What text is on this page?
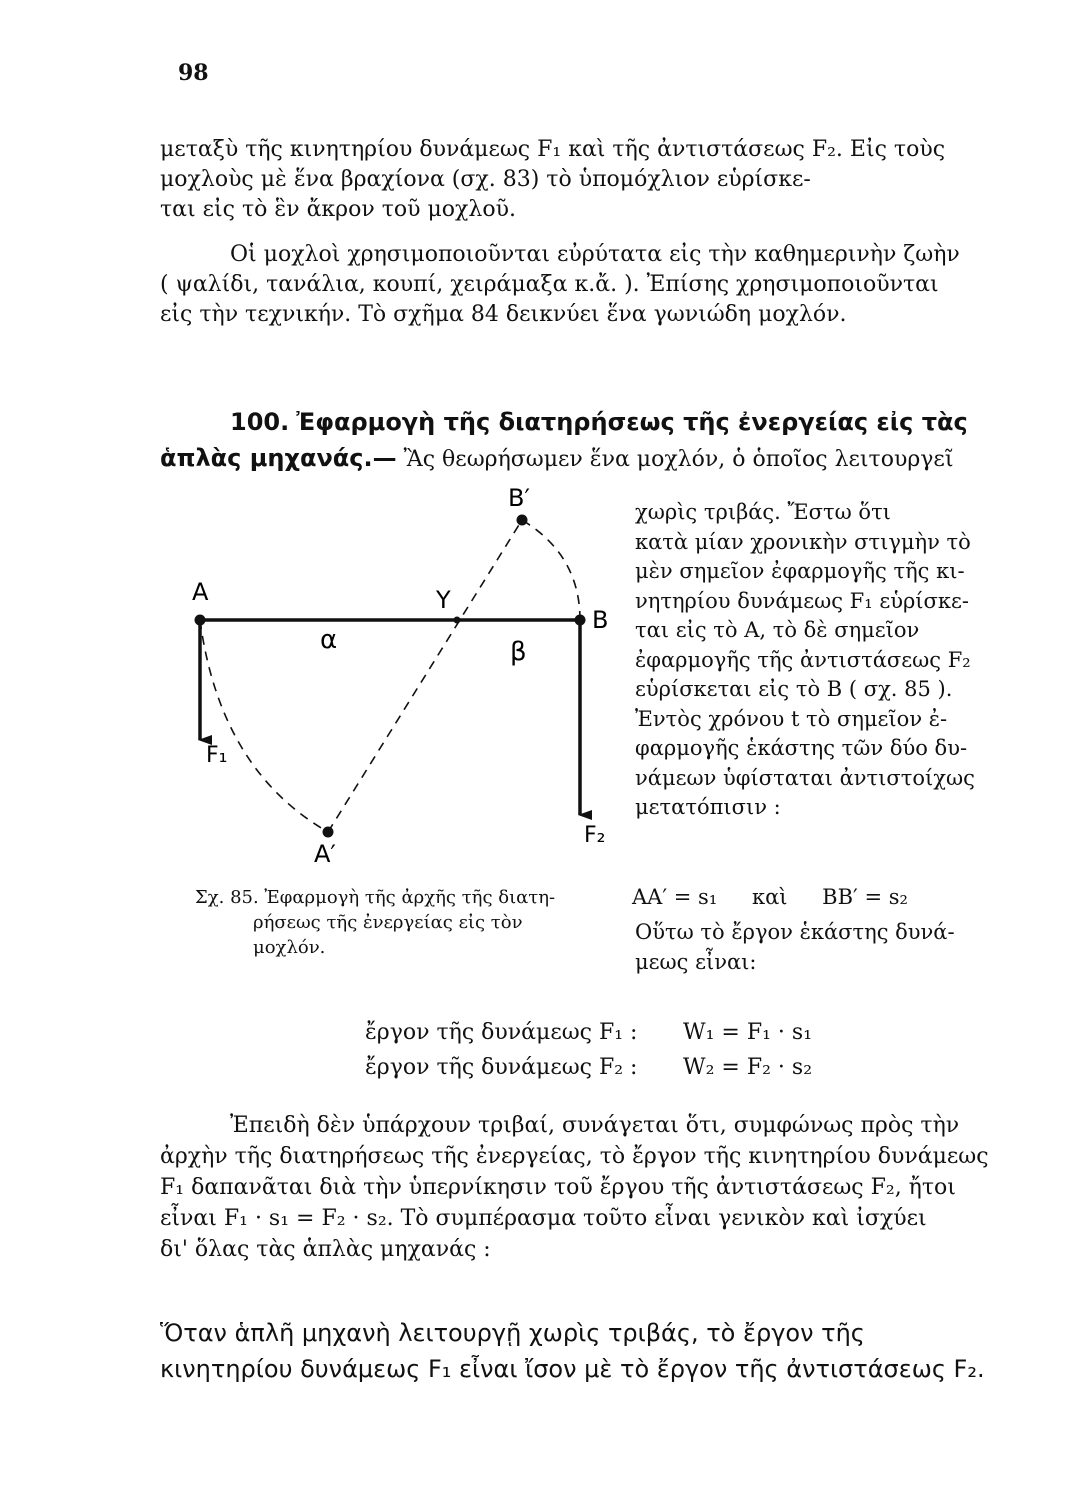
98
μεταξὺ τῆς κινητηρίου δυνάμεως F₁ καὶ τῆς ἀντιστάσεως F₂. Εἰς τοὺς
μοχλοὺς μὲ ἕνα βραχίονα (σχ. 83) τὸ ὑπομόχλιον εὑρίσκε-
ται εἰς τὸ ἓν ἄκρον τοῦ μοχλοῦ.
Οἱ μοχλοὶ χρησιμοποιοῦνται εὐρύτατα εἰς τὴν καθημερινὴν ζωὴν
( ψαλίδι, τανάλια, κουπί, χειράμαξα κ.ἄ. ). Ἐπίσης χρησιμοποιοῦνται
εἰς τὴν τεχνικήν. Τὸ σχῆμα 84 δεικνύει ἕνα γωνιώδη μοχλόν.
100. Ἐφαρμογὴ τῆς διατηρήσεως τῆς ἐνεργείας εἰς τὰς
ἁπλὰς μηχανάς.— Ἂς θεωρήσωμεν ἕνα μοχλόν, ὁ ὁποῖος λειτουργεῖ
χωρὶς τριβάς. Ἔστω ὅτι
κατὰ μίαν χρονικὴν στιγμὴν τὸ
μὲν σημεῖον ἐφαρμογῆς τῆς κι-
νητηρίου δυνάμεως F₁ εὑρίσκε-
ται εἰς τὸ Α, τὸ δὲ σημεῖον
ἐφαρμογῆς τῆς ἀντιστάσεως F₂
εὑρίσκεται εἰς τὸ Β ( σχ. 85 ).
Ἐντὸς χρόνου t τὸ σημεῖον ἐ-
φαρμογῆς ἑκάστης τῶν δύο δυ-
νάμεων ὑφίσταται ἀντιστοίχως
μετατόπισιν :
ΑΑ′ = s₁ καὶ ΒΒ′ = s₂
Οὕτω τὸ ἔργον ἑκάστης δυνά-
μεως εἶναι:
A
B
A′
B′
Y
α	β
F₁
F₂
Σχ. 85. Ἐφαρμογὴ τῆς ἀρχῆς τῆς διατη-
ρήσεως τῆς ἐνεργείας εἰς τὸν
μοχλόν.
ἔργον τῆς δυνάμεως F₁ : W₁ = F₁ · s₁
ἔργον τῆς δυνάμεως F₂ : W₂ = F₂ · s₂
Ἐπειδὴ δὲν ὑπάρχουν τριβαί, συνάγεται ὅτι, συμφώνως πρὸς τὴν
ἀρχὴν τῆς διατηρήσεως τῆς ἐνεργείας, τὸ ἔργον τῆς κινητηρίου δυνάμεως
F₁ δαπανᾶται διὰ τὴν ὑπερνίκησιν τοῦ ἔργου τῆς ἀντιστάσεως F₂, ἤτοι
εἶναι F₁ · s₁ = F₂ · s₂. Τὸ συμπέρασμα τοῦτο εἶναι γενικὸν καὶ ἰσχύει
δι' ὅλας τὰς ἁπλὰς μηχανάς :
Ὅταν ἁπλῆ μηχανὴ λειτουργῇ χωρὶς τριβάς, τὸ ἔργον τῆς
κινητηρίου δυνάμεως F₁ εἶναι ἴσον μὲ τὸ ἔργον τῆς ἀντιστάσεως F₂.
